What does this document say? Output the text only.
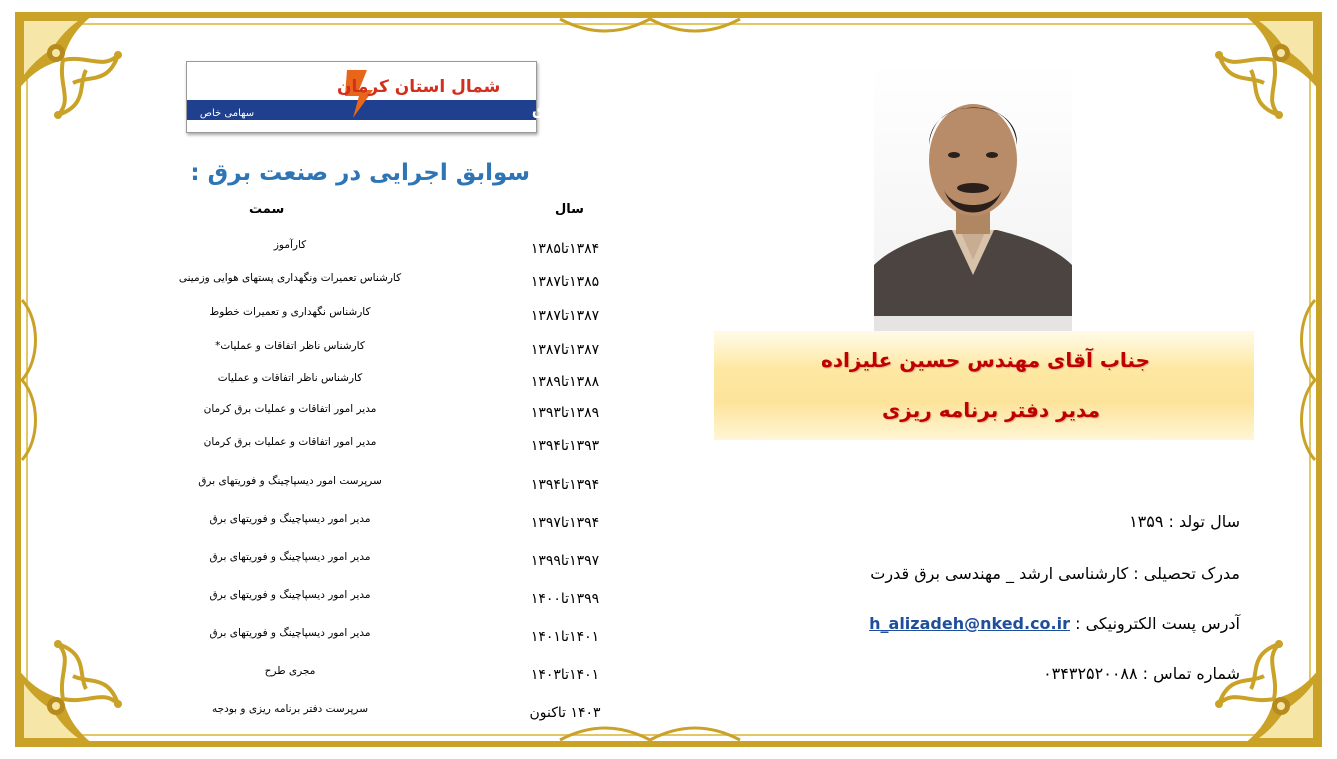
شرکت توزیع نیروی برق
شمال استان کرمان
سهامی خاص
سوابق اجرایی در صنعت برق :
سال
سمت
کارآموز	۱۳۸۴تا۱۳۸۵
کارشناس تعمیرات ونگهداری پستهای هوایی وزمینی	۱۳۸۵تا۱۳۸۷
کارشناس نگهداری و تعمیرات خطوط	۱۳۸۷تا۱۳۸۷
کارشناس ناظر اتفاقات و عملیات*	۱۳۸۷تا۱۳۸۷
کارشناس ناظر اتفاقات و عملیات	۱۳۸۸تا۱۳۸۹
مدیر امور اتفاقات و عملیات برق کرمان	۱۳۸۹تا۱۳۹۳
مدیر امور اتفاقات و عملیات برق کرمان	۱۳۹۳تا۱۳۹۴
سرپرست امور دیسپاچینگ و فوریتهای برق	۱۳۹۴تا۱۳۹۴
مدیر امور دیسپاچینگ و فوریتهای برق	۱۳۹۴تا۱۳۹۷
مدیر امور دیسپاچینگ و فوریتهای برق	۱۳۹۷تا۱۳۹۹
مدیر امور دیسپاچینگ و فوریتهای برق	۱۳۹۹تا۱۴۰۰
مدیر امور دیسپاچینگ و فوریتهای برق	۱۴۰۱تا۱۴۰۱
مجری طرح	۱۴۰۱تا۱۴۰۳
سرپرست دفتر برنامه ریزی و بودجه	۱۴۰۳ تاکنون
جناب آقای مهندس حسین علیزاده
مدیر دفتر برنامه ریزی
سال تولد : ۱۳۵۹
مدرک تحصیلی : کارشناسی ارشد _ مهندسی برق قدرت
آدرس پست الکترونیکی : h_alizadeh@nked.co.ir
شماره تماس : ۰۳۴۳۲۵۲۰۰۸۸
